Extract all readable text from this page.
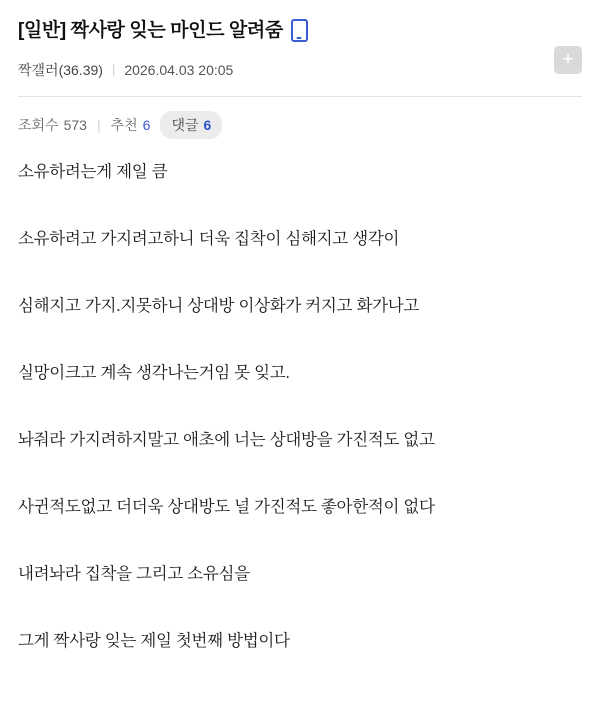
[일반] 짝사랑 잊는 마인드 알려줌
짝갤러(36.39) | 2026.04.03 20:05	+
조회수 573 | 추천 6 댓글 6

소유하려는게 제일 큼

소유하려고 가지려고하니 더욱 집착이 심해지고 생각이

심해지고 가지.지못하니 상대방 이상화가 커지고 화가나고

실망이크고 계속 생각나는거임 못 잊고.

놔줘라 가지려하지말고 애초에 너는 상대방을 가진적도 없고

사귄적도없고 더더욱 상대방도 널 가진적도 좋아한적이 없다

내려놔라 집착을 그리고 소유심을

그게 짝사랑 잊는 제일 첫번째 방법이다
